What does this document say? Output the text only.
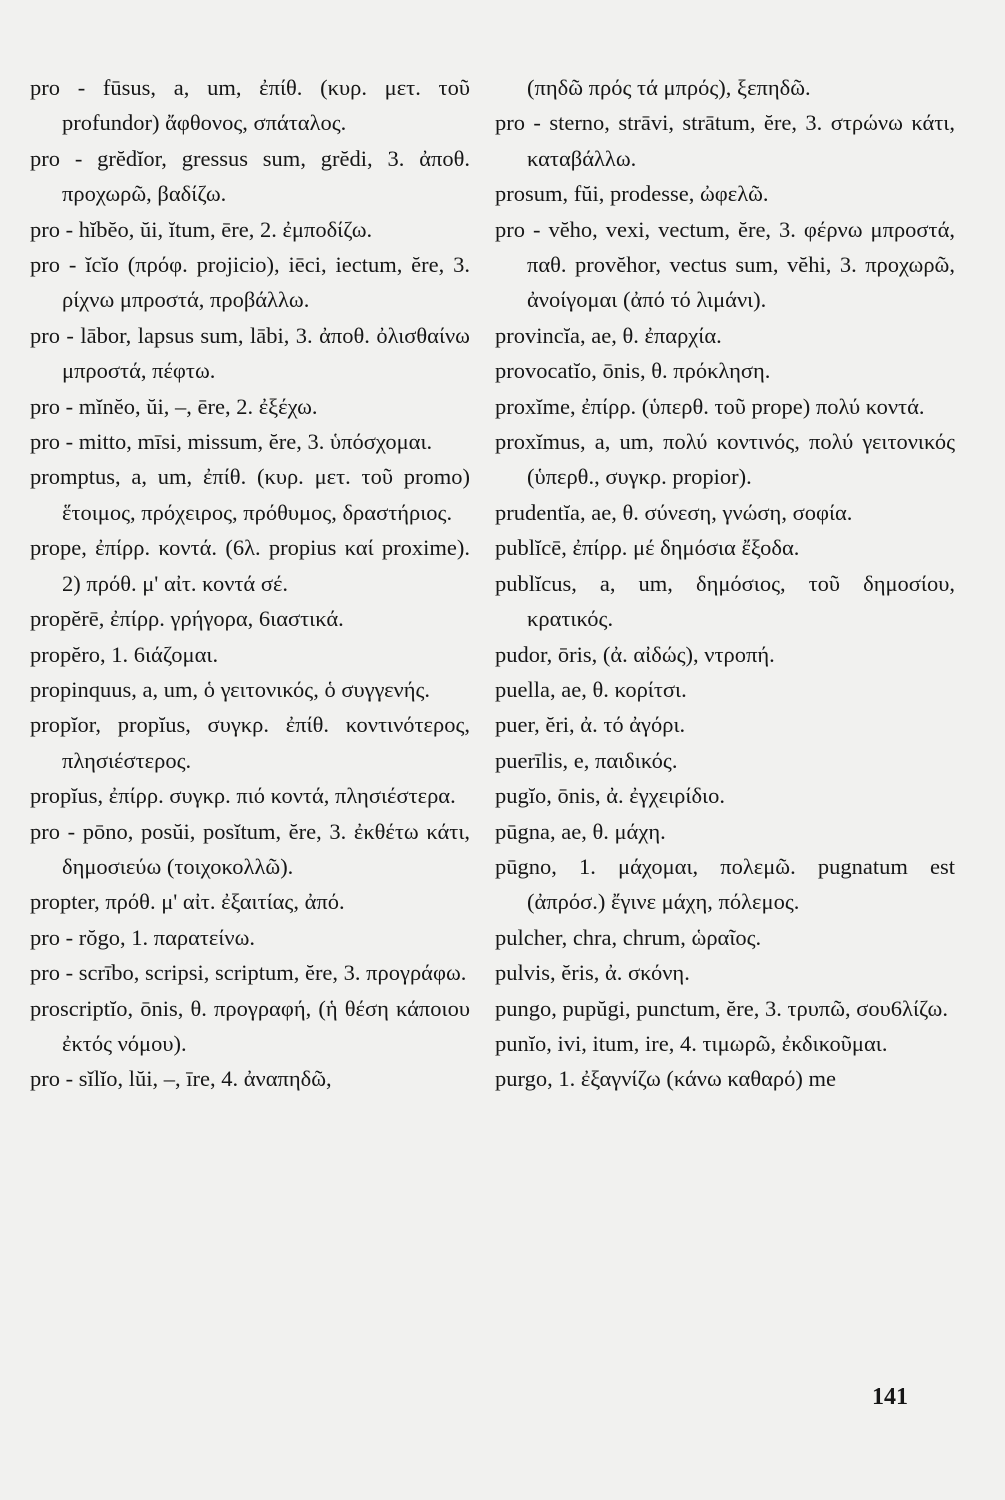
pro - fūsus, a, um, ἐπίθ. (κυρ. μετ. τοῦ profundor) ἄφθονος, σπάταλος.
pro - grĕdĭor, gressus sum, grĕdi, 3. ἀποθ. προχωρῶ, βαδίζω.
pro - hĭbĕo, ŭi, ĭtum, ēre, 2. ἐμποδίζω.
pro - ĭcĭo (πρόφ. projicio), iēci, iectum, ĕre, 3. ρίχνω μπροστά, προβάλλω.
pro - lābor, lapsus sum, lābi, 3. ἀποθ. ὀλισθαίνω μπροστά, πέφτω.
pro - mĭnĕo, ŭi, –, ēre, 2. ἐξέχω.
pro - mitto, mīsi, missum, ĕre, 3. ὑπόσχομαι.
promptus, a, um, ἐπίθ. (κυρ. μετ. τοῦ promo) ἕτοιμος, πρόχειρος, πρόθυμος, δραστήριος.
prope, ἐπίρρ. κοντά. (6λ. propius καί proxime). 2) πρόθ. μ' αἰτ. κοντά σέ.
propĕrē, ἐπίρρ. γρήγορα, 6ιαστικά.
propĕro, 1. 6ιάζομαι.
propinquus, a, um, ὁ γειτονικός, ὁ συγγενής.
propĭor, propĭus, συγκρ. ἐπίθ. κοντινότερος, πλησιέστερος.
propĭus, ἐπίρρ. συγκρ. πιό κοντά, πλησιέστερα.
pro - pōno, posŭi, posĭtum, ĕre, 3. ἐκθέτω κάτι, δημοσιεύω (τοιχοκολλῶ).
propter, πρόθ. μ' αἰτ. ἐξαιτίας, ἀπό.
pro - rŏgo, 1. παρατείνω.
pro - scrībo, scripsi, scriptum, ĕre, 3. προγράφω.
proscriptĭo, ōnis, θ. προγραφή, (ἡ θέση κάποιου ἐκτός νόμου).
pro - sĭlĭo, lŭi, –, īre, 4. ἀναπηδῶ,
(πηδῶ πρός τά μπρός), ξεπηδῶ.
pro - sterno, strāvi, strātum, ĕre, 3. στρώνω κάτι, καταβάλλω.
prosum, fŭi, prodesse, ὠφελῶ.
pro - vĕho, vexi, vectum, ĕre, 3. φέρνω μπροστά, παθ. provĕhor, vectus sum, vĕhi, 3. προχωρῶ, ἀνοίγομαι (ἀπό τό λιμάνι).
provincĭa, ae, θ. ἐπαρχία.
provocatĭo, ōnis, θ. πρόκληση.
proxĭme, ἐπίρρ. (ὑπερθ. τοῦ prope) πολύ κοντά.
proxĭmus, a, um, πολύ κοντινός, πολύ γειτονικός (ὑπερθ., συγκρ. propior).
prudentĭa, ae, θ. σύνεση, γνώση, σοφία.
publĭcē, ἐπίρρ. μέ δημόσια ἔξοδα.
publĭcus, a, um, δημόσιος, τοῦ δημοσίου, κρατικός.
pudor, ōris, (ἀ. αἰδώς), ντροπή.
puella, ae, θ. κορίτσι.
puer, ĕri, ἀ. τό ἀγόρι.
puerīlis, e, παιδικός.
pugĭo, ōnis, ἀ. ἐγχειρίδιο.
pūgna, ae, θ. μάχη.
pūgno, 1. μάχομαι, πολεμῶ. pugnatum est (ἀπρόσ.) ἔγινε μάχη, πόλεμος.
pulcher, chra, chrum, ὡραῖος.
pulvis, ĕris, ἀ. σκόνη.
pungo, pupŭgi, punctum, ĕre, 3. τρυπῶ, σου6λίζω.
punĭo, ivi, itum, ire, 4. τιμωρῶ, ἐκδικοῦμαι.
purgo, 1. ἐξαγνίζω (κάνω καθαρό) me
141
